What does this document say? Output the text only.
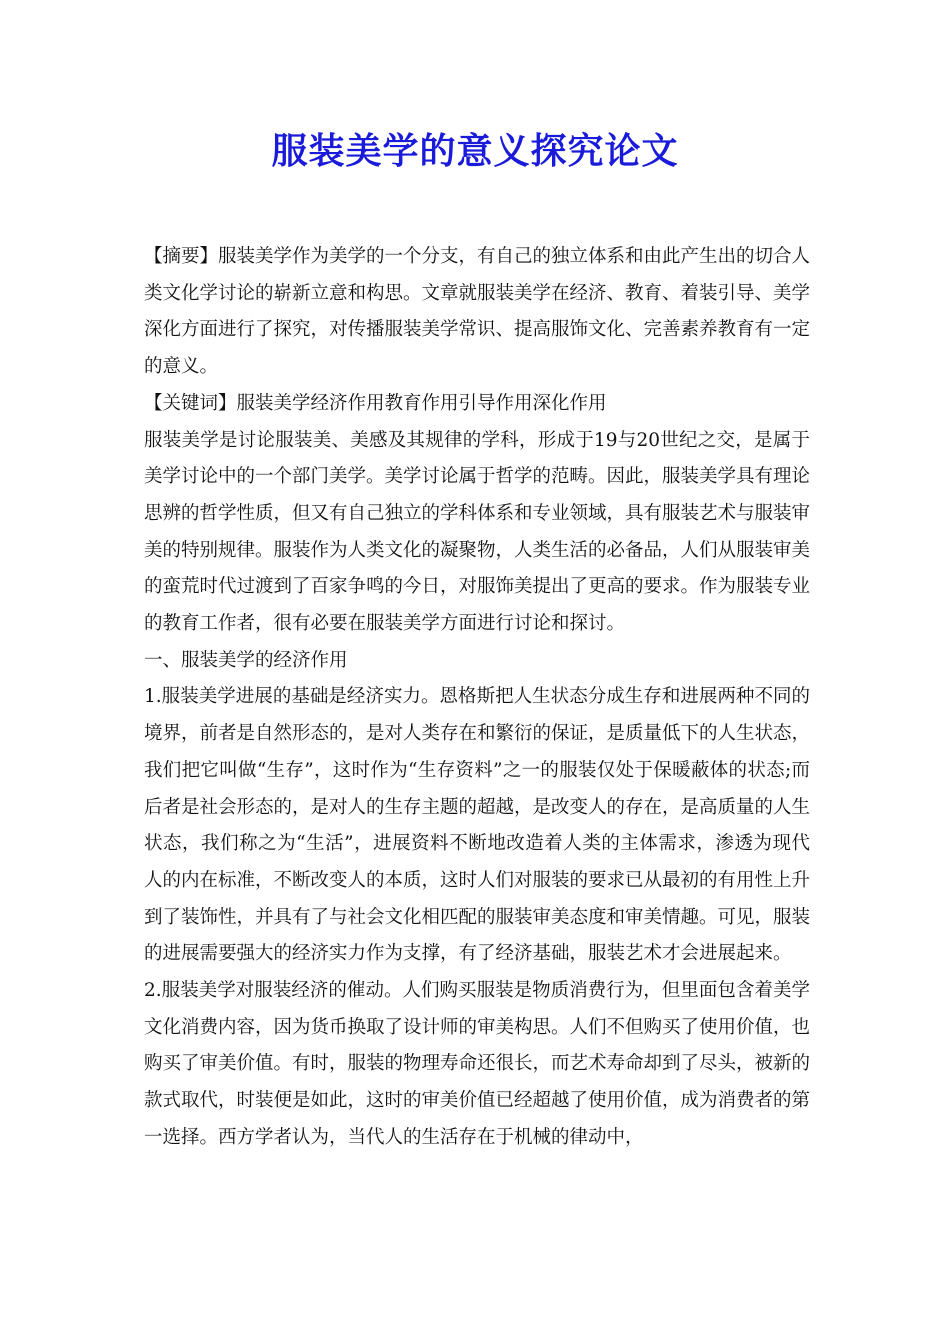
服装美学的意义探究论文

【摘要】服装美学作为美学的一个分支，有自己的独立体系和由此产生出的切合人类文化学讨论的崭新立意和构思。文章就服装美学在经济、教育、着装引导、美学深化方面进行了探究，对传播服装美学常识、提高服饰文化、完善素养教育有一定的意义。

【关键词】服装美学经济作用教育作用引导作用深化作用

服装美学是讨论服装美、美感及其规律的学科，形成于19与20世纪之交，是属于美学讨论中的一个部门美学。美学讨论属于哲学的范畴。因此，服装美学具有理论思辨的哲学性质，但又有自己独立的学科体系和专业领域，具有服装艺术与服装审美的特别规律。服装作为人类文化的凝聚物，人类生活的必备品，人们从服装审美的蛮荒时代过渡到了百家争鸣的今日，对服饰美提出了更高的要求。作为服装专业的教育工作者，很有必要在服装美学方面进行讨论和探讨。

一、服装美学的经济作用

1.服装美学进展的基础是经济实力。恩格斯把人生状态分成生存和进展两种不同的境界，前者是自然形态的，是对人类存在和繁衍的保证，是质量低下的人生状态，我们把它叫做“生存”，这时作为“生存资料”之一的服装仅处于保暖蔽体的状态;而后者是社会形态的，是对人的生存主题的超越，是改变人的存在，是高质量的人生状态，我们称之为“生活”，进展资料不断地改造着人类的主体需求，渗透为现代人的内在标准，不断改变人的本质，这时人们对服装的要求已从最初的有用性上升到了装饰性，并具有了与社会文化相匹配的服装审美态度和审美情趣。可见，服装的进展需要强大的经济实力作为支撑，有了经济基础，服装艺术才会进展起来。

2.服装美学对服装经济的催动。人们购买服装是物质消费行为，但里面包含着美学文化消费内容，因为货币换取了设计师的审美构思。人们不但购买了使用价值，也购买了审美价值。有时，服装的物理寿命还很长，而艺术寿命却到了尽头，被新的款式取代，时装便是如此，这时的审美价值已经超越了使用价值，成为消费者的第一选择。西方学者认为，当代人的生活存在于机械的律动中，
